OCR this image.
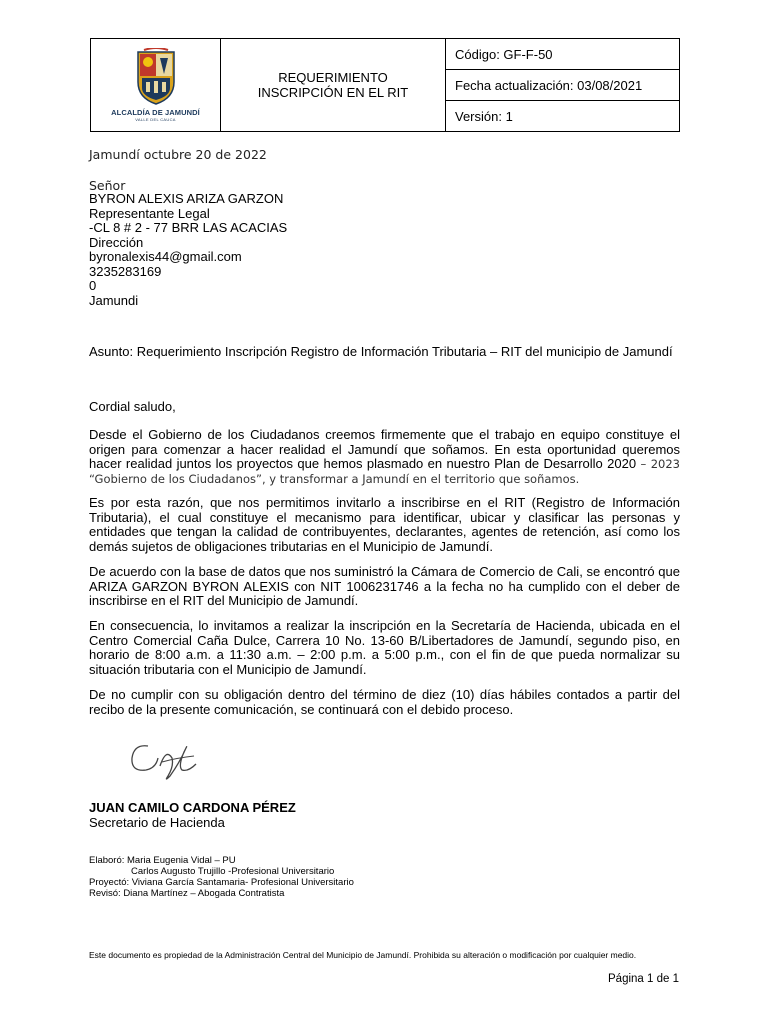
ALCALDÍA DE JAMUNDÍ
VALLE DEL CAUCA

REQUERIMIENTO INSCRIPCIÓN EN EL RIT
	Código: GF-F-50
Fecha actualización: 03/08/2021
Versión: 1
Jamundí octubre 20 de 2022
Señor
BYRON ALEXIS ARIZA GARZON
Representante Legal
-CL 8 # 2 - 77 BRR LAS ACACIAS
Dirección
byronalexis44@gmail.com
3235283169
0
Jamundi
Asunto: Requerimiento Inscripción Registro de Información Tributaria – RIT del municipio de Jamundí
Cordial saludo,
Desde el Gobierno de los Ciudadanos creemos firmemente que el trabajo en equipo constituye el origen para comenzar a hacer realidad el Jamundí que soñamos. En esta oportunidad queremos hacer realidad juntos los proyectos que hemos plasmado en nuestro Plan de Desarrollo 2020 – 2023 “Gobierno de los Ciudadanos”, y transformar a Jamundí en el territorio que soñamos.
Es por esta razón, que nos permitimos invitarlo a inscribirse en el RIT (Registro de Información Tributaria), el cual constituye el mecanismo para identificar, ubicar y clasificar las personas y entidades que tengan la calidad de contribuyentes, declarantes, agentes de retención, así como los demás sujetos de obligaciones tributarias en el Municipio de Jamundí.
De acuerdo con la base de datos que nos suministró la Cámara de Comercio de Cali, se encontró que ARIZA GARZON BYRON ALEXIS con NIT 1006231746 a la fecha no ha cumplido con el deber de inscribirse en el RIT del Municipio de Jamundí.
En consecuencia, lo invitamos a realizar la inscripción en la Secretaría de Hacienda, ubicada en el Centro Comercial Caña Dulce, Carrera 10 No. 13-60 B/Libertadores de Jamundí, segundo piso, en horario de 8:00 a.m. a 11:30 a.m. – 2:00 p.m. a 5:00 p.m., con el fin de que pueda normalizar su situación tributaria con el Municipio de Jamundí.
De no cumplir con su obligación dentro del término de diez (10) días hábiles contados a partir del recibo de la presente comunicación, se continuará con el debido proceso.
JUAN CAMILO CARDONA PÉREZ
Secretario de Hacienda
Elaboró: Maria Eugenia Vidal – PU
Carlos Augusto Trujillo -Profesional Universitario
Proyectó: Viviana García Santamaria- Profesional Universitario
Revisó: Diana Martínez – Abogada Contratista
Este documento es propiedad de la Administración Central del Municipio de Jamundí. Prohibida su alteración o modificación por cualquier medio.
Página 1 de 1
